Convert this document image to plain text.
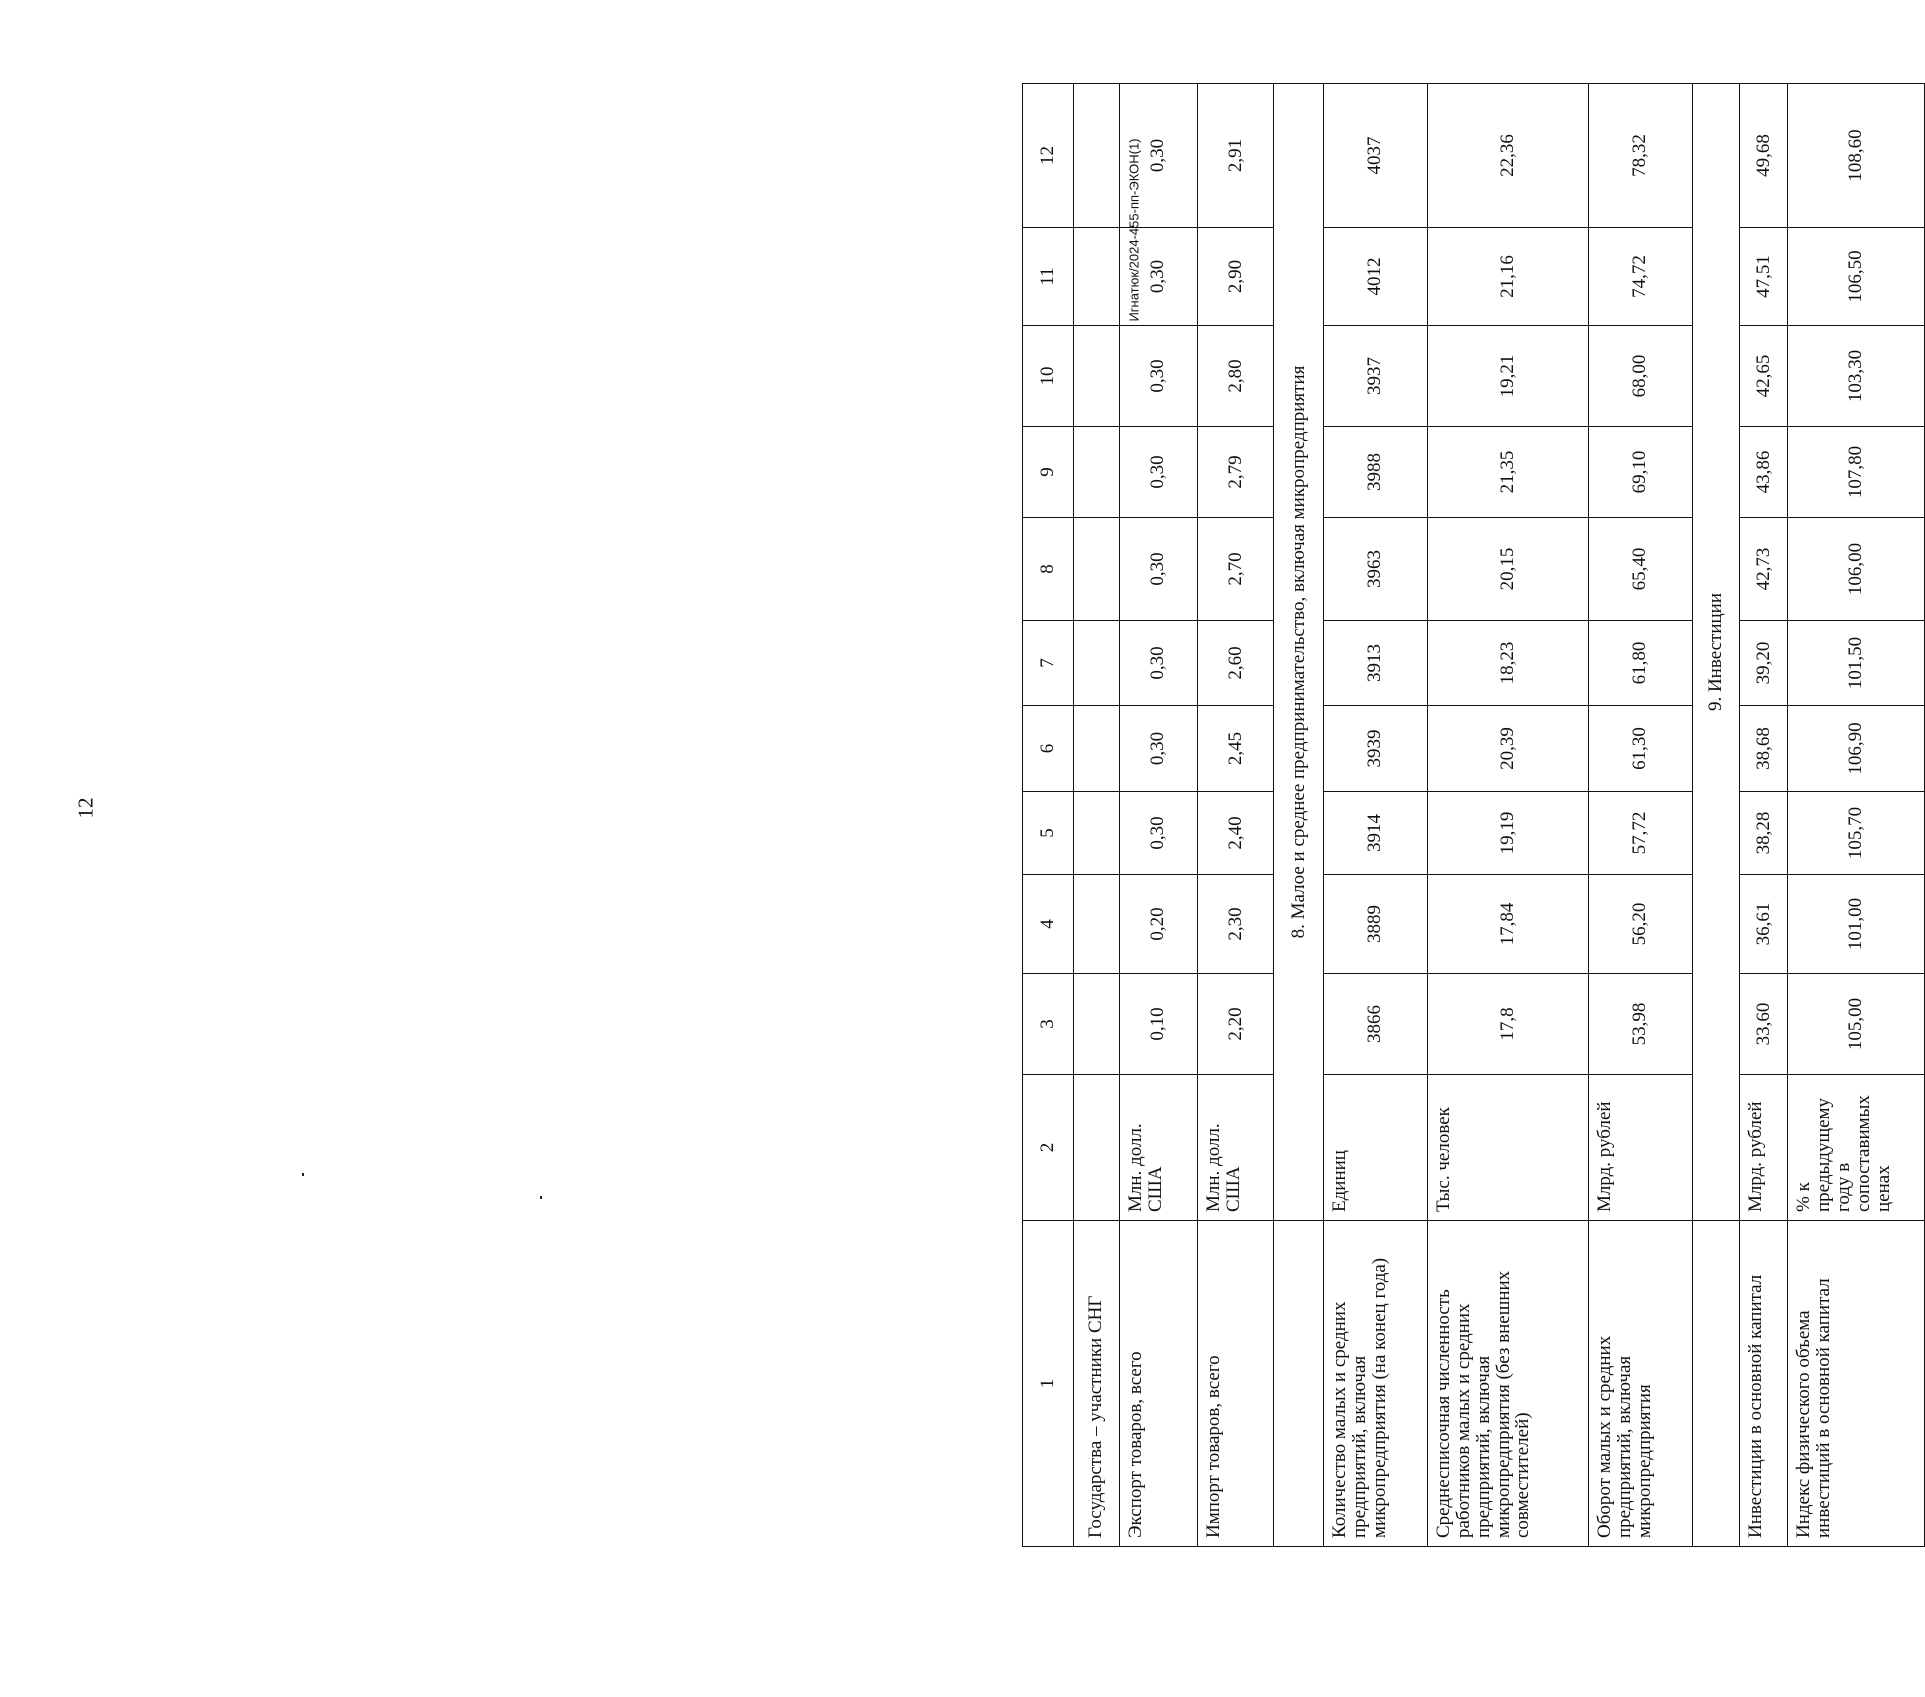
12
Игнатюк/2024-455-пп-ЭКОН(1)
1	2	3	4	5	6	7	8	9	10	11	12
Государства – участники СНГ											
Экспорт товаров, всего	Млн. долл. США	0,10	0,20	0,30	0,30	0,30	0,30	0,30	0,30	0,30	0,30
Импорт товаров, всего	Млн. долл. США	2,20	2,30	2,40	2,45	2,60	2,70	2,79	2,80	2,90	2,91
	8. Малое и среднее предпринимательство, включая микропредприятия										
Количество малых и средних предприятий, включая микропредприятия (на конец года)	Единиц	3866	3889	3914	3939	3913	3963	3988	3937	4012	4037
Среднесписочная численность работников малых и средних предприятий, включая микропредприятия (без внешних совместителей)	Тыс. человек	17,8	17,84	19,19	20,39	18,23	20,15	21,35	19,21	21,16	22,36
Оборот малых и средних предприятий, включая микропредприятия	Млрд. рублей	53,98	56,20	57,72	61,30	61,80	65,40	69,10	68,00	74,72	78,32
	9. Инвестиции										
Инвестиции в основной капитал	Млрд. рублей	33,60	36,61	38,28	38,68	39,20	42,73	43,86	42,65	47,51	49,68
Индекс физического объема инвестиций в основной капитал	% к предыдущему году в сопоставимых ценах	105,00	101,00	105,70	106,90	101,50	106,00	107,80	103,30	106,50	108,60
